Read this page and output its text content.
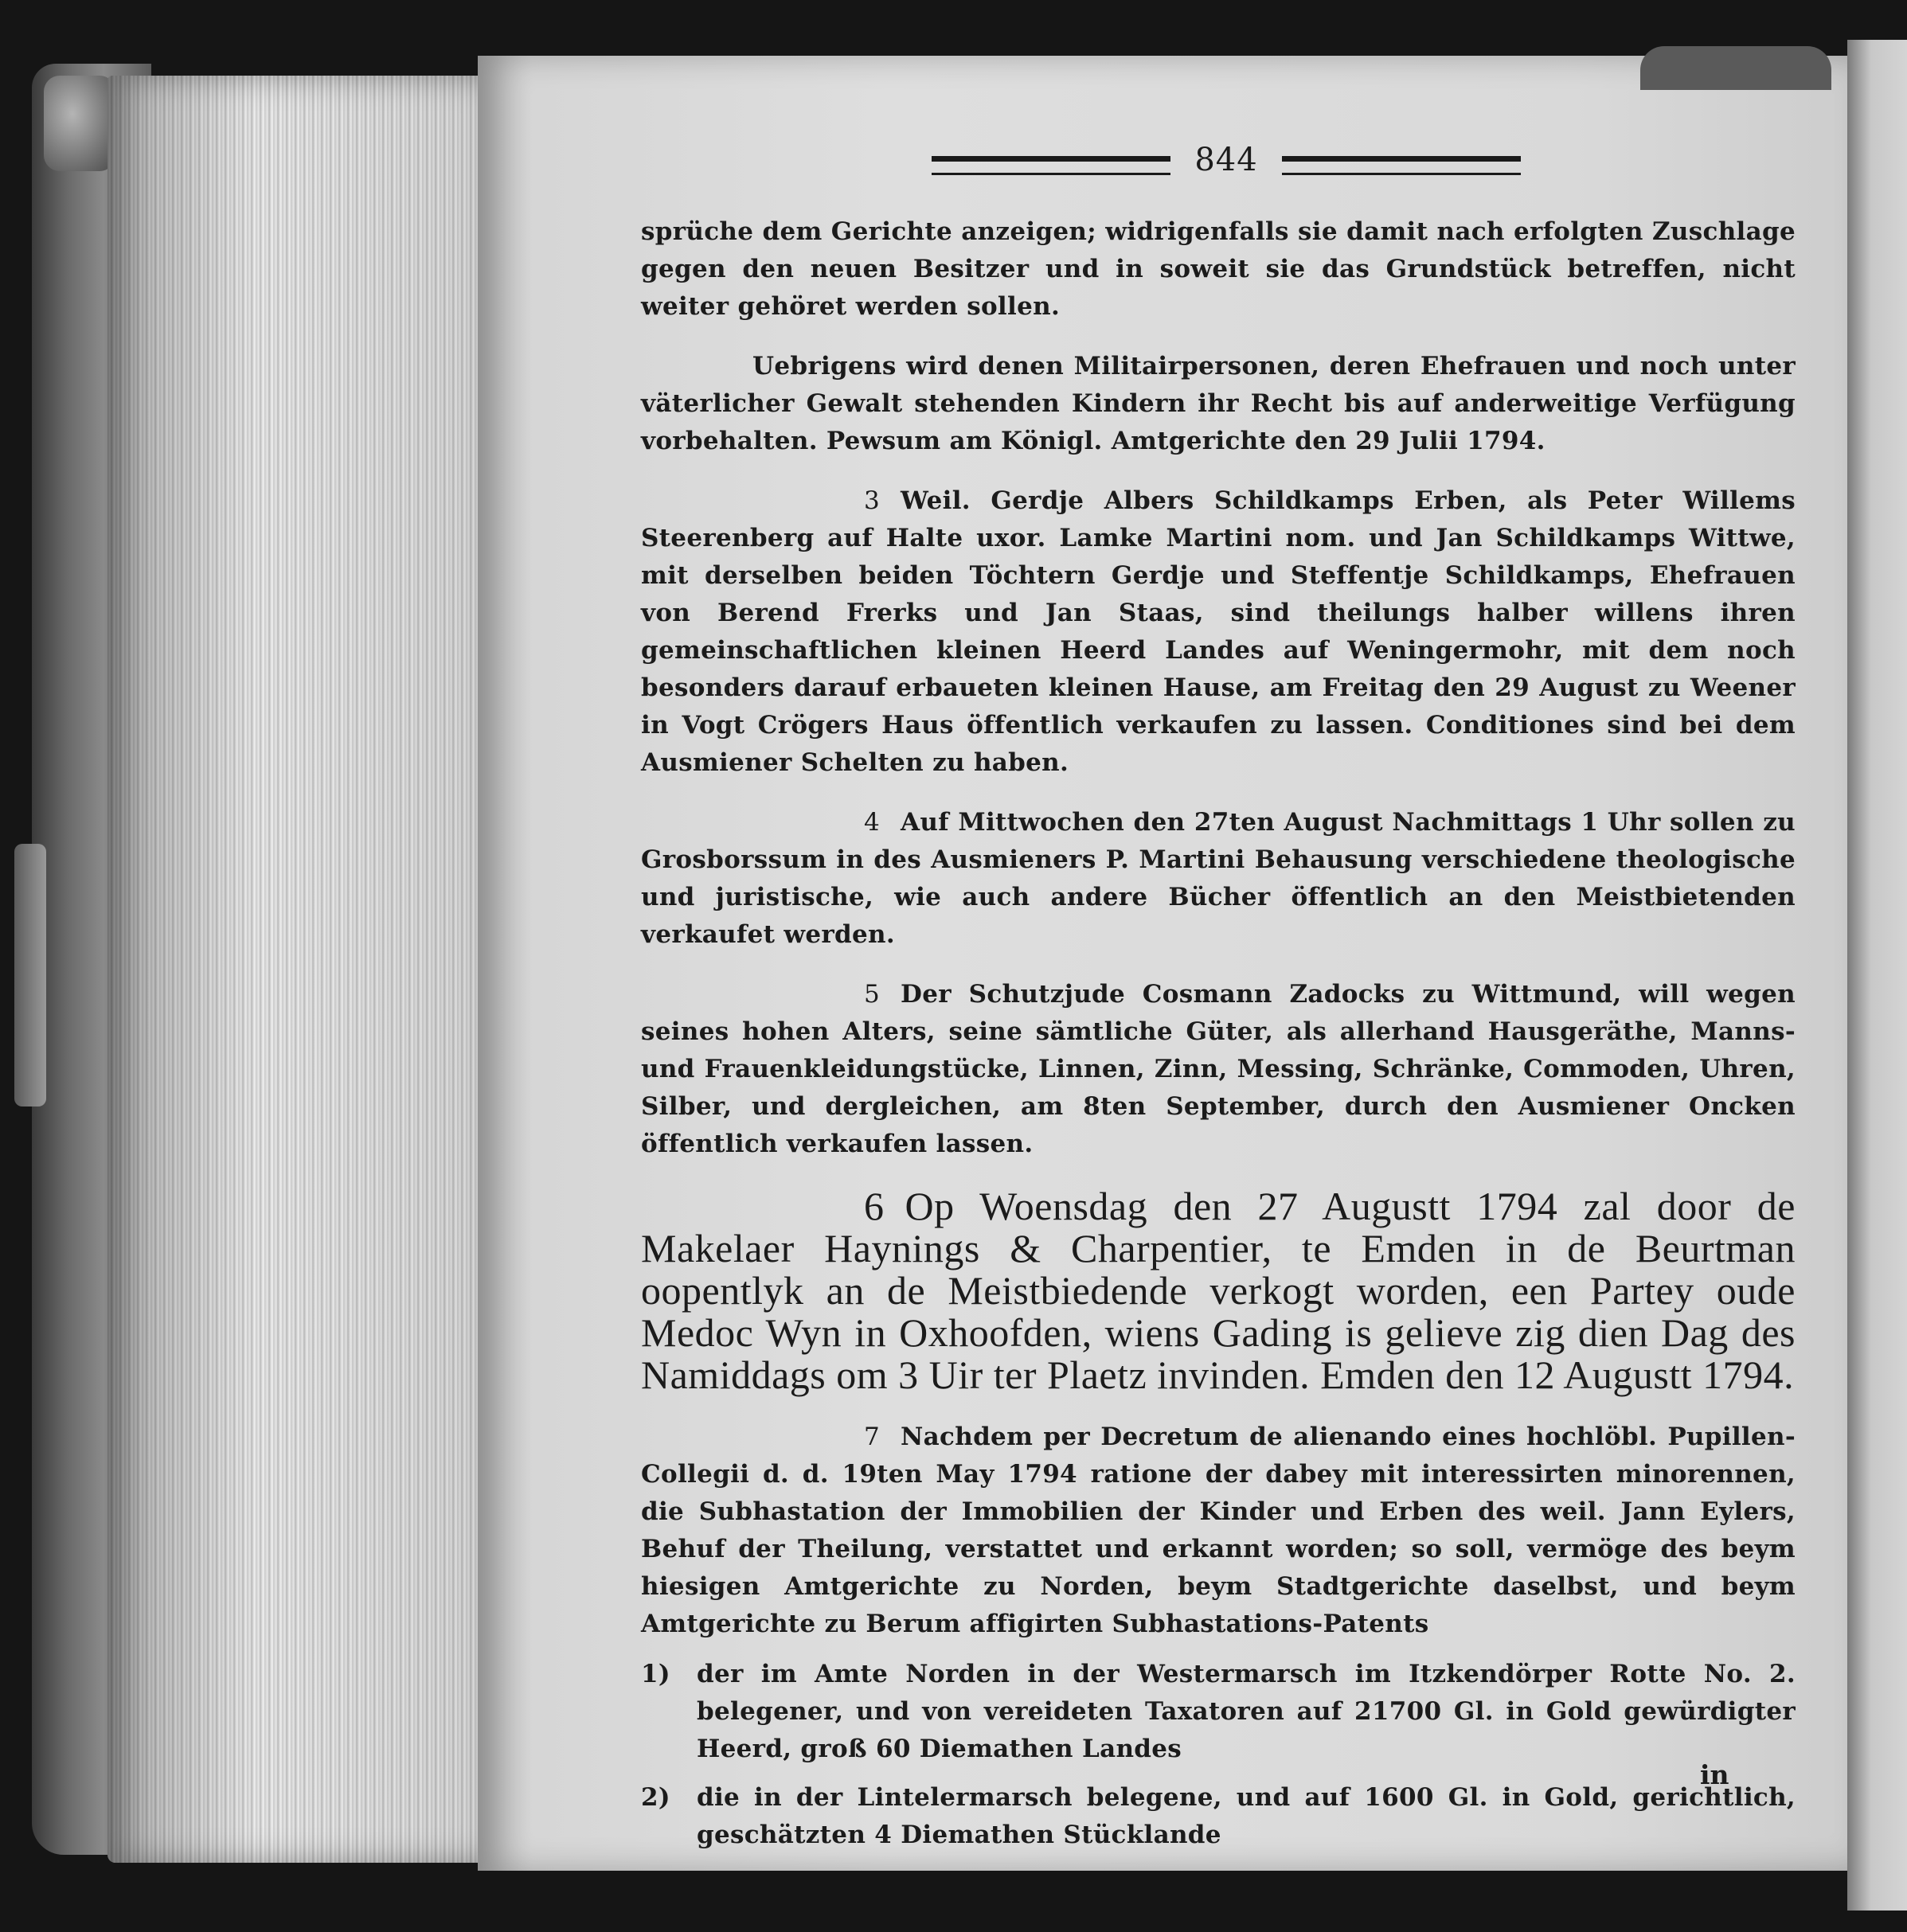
844

sprüche dem Gerichte anzeigen; widrigenfalls sie damit nach erfolgten Zuschlage gegen den neuen Besitzer und in soweit sie das Grundstück betreffen, nicht weiter gehöret werden sollen.

Uebrigens wird denen Militairpersonen, deren Ehefrauen und noch unter väterlicher Gewalt stehenden Kindern ihr Recht bis auf anderweitige Verfügung vorbehalten. Pewsum am Königl. Amtgerichte den 29 Julii 1794.

3 Weil. Gerdje Albers Schildkamps Erben, als Peter Willems Steerenberg auf Halte uxor. Lamke Martini nom. und Jan Schildkamps Wittwe, mit derselben beiden Töchtern Gerdje und Steffentje Schildkamps, Ehefrauen von Berend Frerks und Jan Staas, sind theilungs halber willens ihren gemeinschaftlichen kleinen Heerd Landes auf Weningermohr, mit dem noch besonders darauf erbaueten kleinen Hause, am Freitag den 29 August zu Weener in Vogt Crögers Haus öffentlich verkaufen zu lassen. Conditiones sind bei dem Ausmiener Schelten zu haben.

4 Auf Mittwochen den 27ten August Nachmittags 1 Uhr sollen zu Grosborssum in des Ausmieners P. Martini Behausung verschiedene theologische und juristische, wie auch andere Bücher öffentlich an den Meistbietenden verkaufet werden.

5 Der Schutzjude Cosmann Zadocks zu Wittmund, will wegen seines hohen Alters, seine sämtliche Güter, als allerhand Hausgeräthe, Manns- und Frauenkleidungstücke, Linnen, Zinn, Messing, Schränke, Commoden, Uhren, Silber, und dergleichen, am 8ten September, durch den Ausmiener Oncken öffentlich verkaufen lassen.

6 Op Woensdag den 27 Augustt 1794 zal door de Makelaer Haynings & Charpentier, te Emden in de Beurtman oopentlyk an de Meistbiedende verkogt worden, een Partey oude Medoc Wyn in Oxhoofden, wiens Gading is gelieve zig dien Dag des Namiddags om 3 Uir ter Plaetz invinden. Emden den 12 Augustt 1794.

7 Nachdem per Decretum de alienando eines hochlöbl. Pupillen-Collegii d. d. 19ten May 1794 ratione der dabey mit interessirten minorennen, die Subhastation der Immobilien der Kinder und Erben des weil. Jann Eylers, Behuf der Theilung, verstattet und erkannt worden; so soll, vermöge des beym hiesigen Amtgerichte zu Norden, beym Stadtgerichte daselbst, und beym Amtgerichte zu Berum affigirten Subhastations-Patents

1)	der im Amte Norden in der Westermarsch im Itzkendörper Rotte No. 2. belegener, und von vereideten Taxatoren auf 21700 Gl. in Gold gewürdigter Heerd, groß 60 Diemathen Landes
2)	die in der Lintelermarsch belegene, und auf 1600 Gl. in Gold, gerichtlich, geschätzten 4 Diemathen Stücklande
in
